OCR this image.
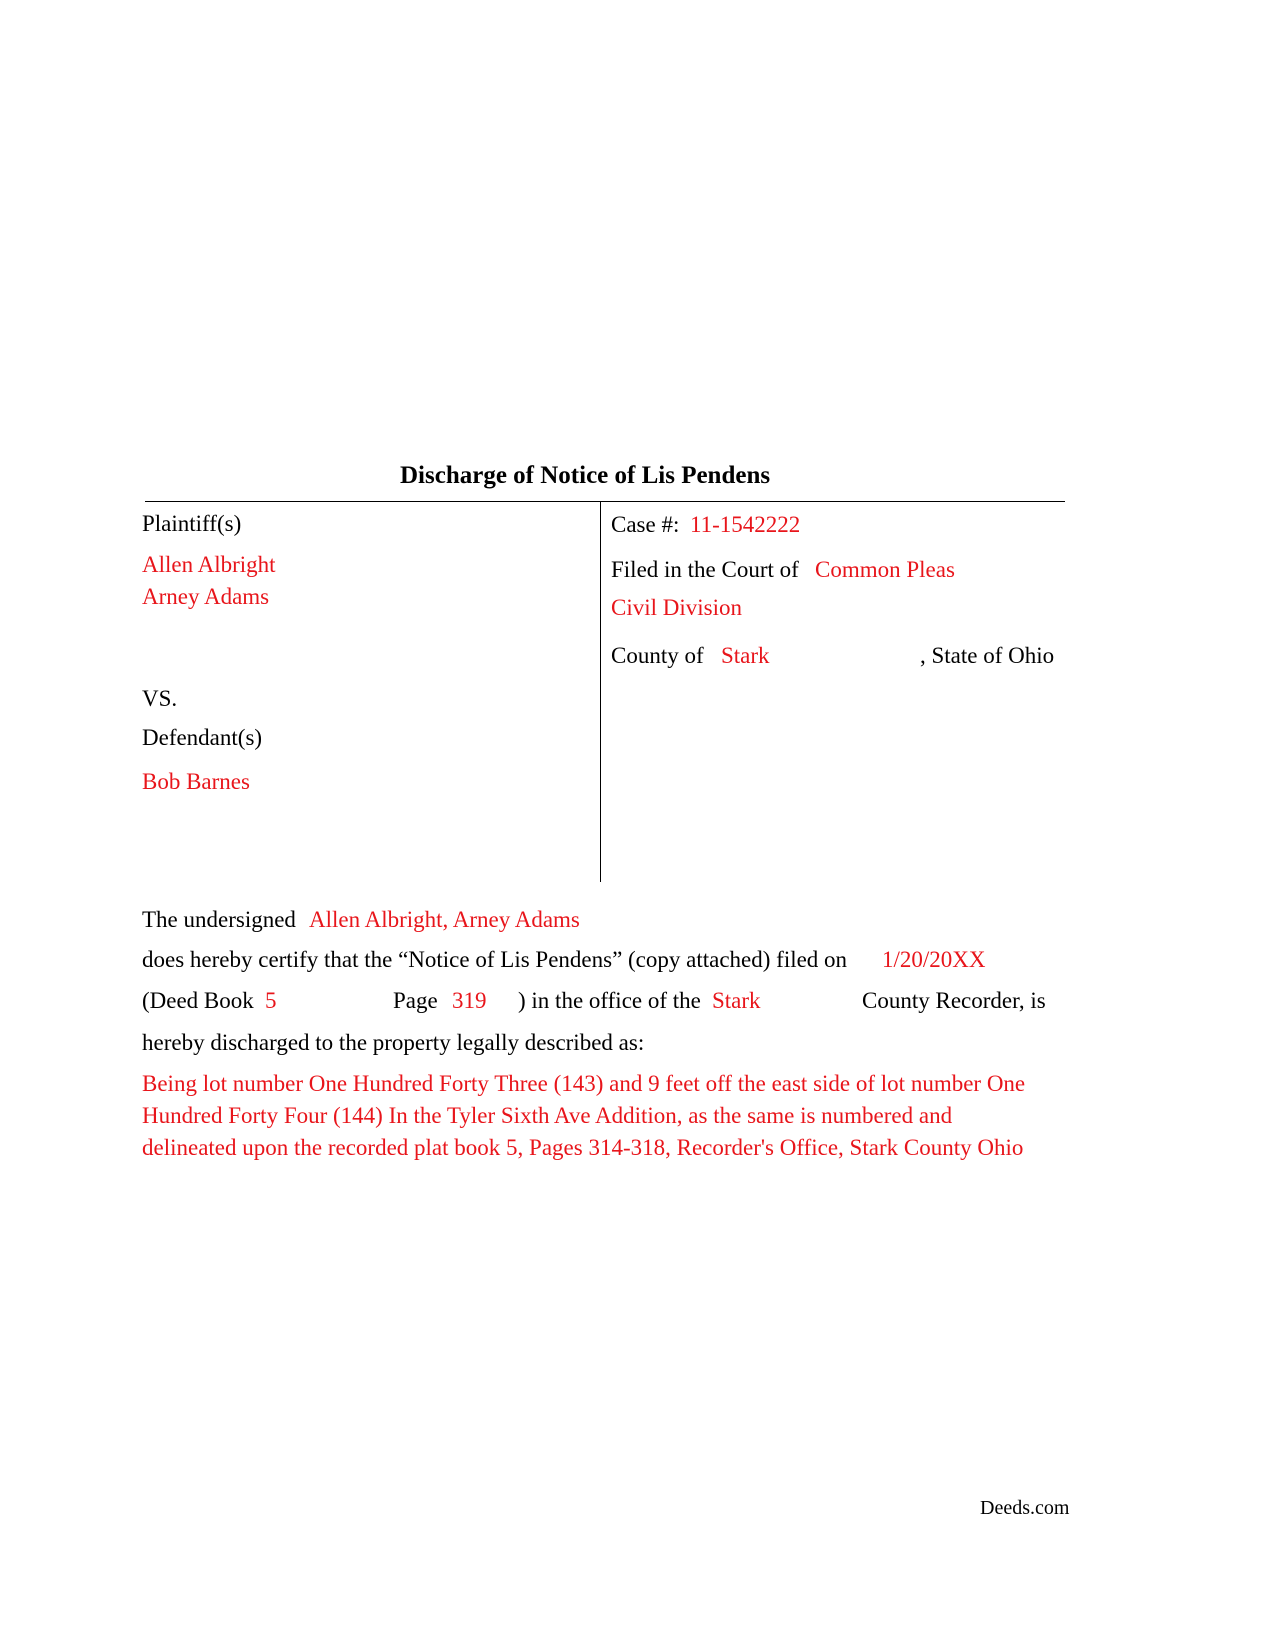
Discharge of Notice of Lis Pendens
Plaintiff(s)
Allen Albright
Arney Adams
VS.
Defendant(s)
Bob Barnes
Case #: 11-1542222
Filed in the Court of Common Pleas
Civil Division
County of Stark	, State of Ohio
The undersigned Allen Albright, Arney Adams
does hereby certify that the “Notice of Lis Pendens” (copy attached) filed on 1/20/20XX
(Deed Book 5	Page 319 ) in the office of the Stark	County Recorder, is
hereby discharged to the property legally described as:
Being lot number One Hundred Forty Three (143) and 9 feet off the east side of lot number One
Hundred Forty Four (144) In the Tyler Sixth Ave Addition, as the same is numbered and
delineated upon the recorded plat book 5, Pages 314-318, Recorder's Office, Stark County Ohio
Deeds.com
